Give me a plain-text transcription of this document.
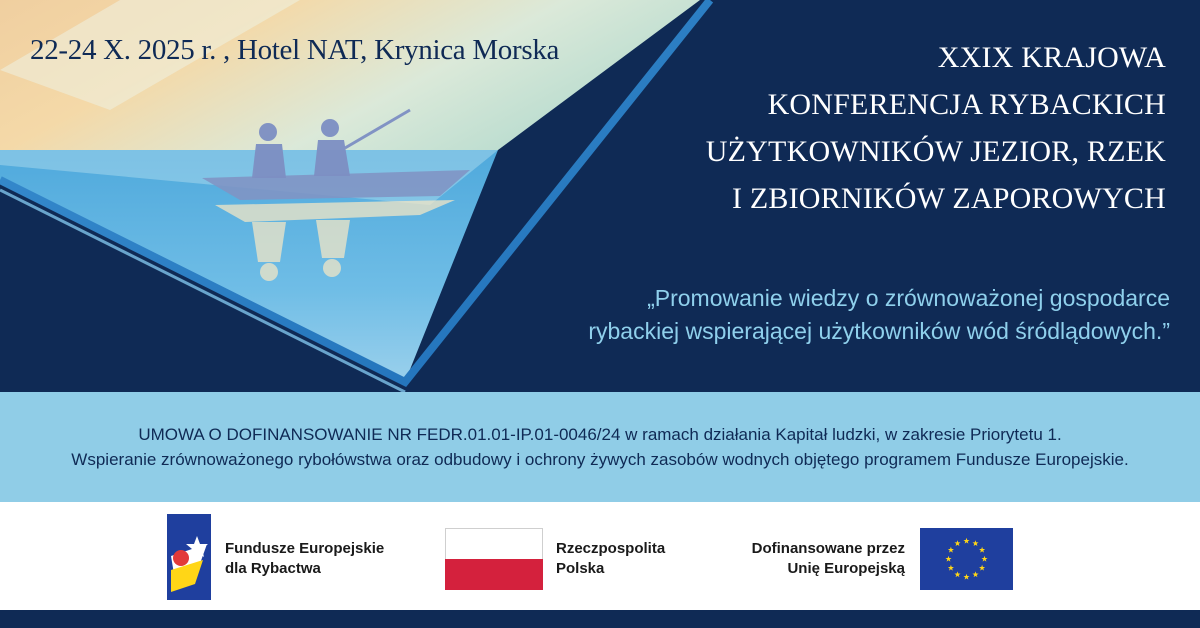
22-24 X. 2025 r. , Hotel NAT, Krynica Morska	XXIX KRAJOWA
KONFERENCJA RYBACKICH
UŻYTKOWNIKÓW JEZIOR, RZEK
I ZBIORNIKÓW ZAPOROWYCH
„Promowanie wiedzy o zrównoważonej gospodarce
rybackiej wspierającej użytkowników wód śródlądowych.”
UMOWA O DOFINANSOWANIE NR FEDR.01.01-IP.01-0046/24 w ramach działania Kapitał ludzki, w zakresie Priorytetu 1.
Wspieranie zrównoważonego rybołówstwa oraz odbudowy i ochrony żywych zasobów wodnych objętego programem Fundusze Europejskie.
Fundusze Europejskie
dla Rybactwa
Rzeczpospolita
Polska
Dofinansowane przez
Unię Europejską
